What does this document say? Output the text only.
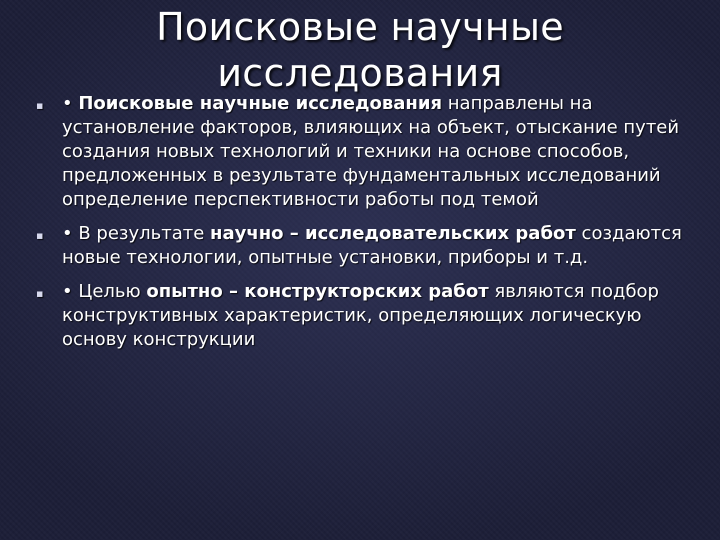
Поисковые научные
исследования
▪ • Поисковые научные исследования направлены на установление факторов, влияющих на объект, отыскание путей создания новых технологий и техники на основе способов, предложенных в результате фундаментальных исследований определение перспективности работы под темой
▪ • В результате научно – исследовательских работ создаются новые технологии, опытные установки, приборы и т.д.
▪ • Целью опытно – конструкторских работ являются подбор конструктивных характеристик, определяющих логическую основу конструкции
